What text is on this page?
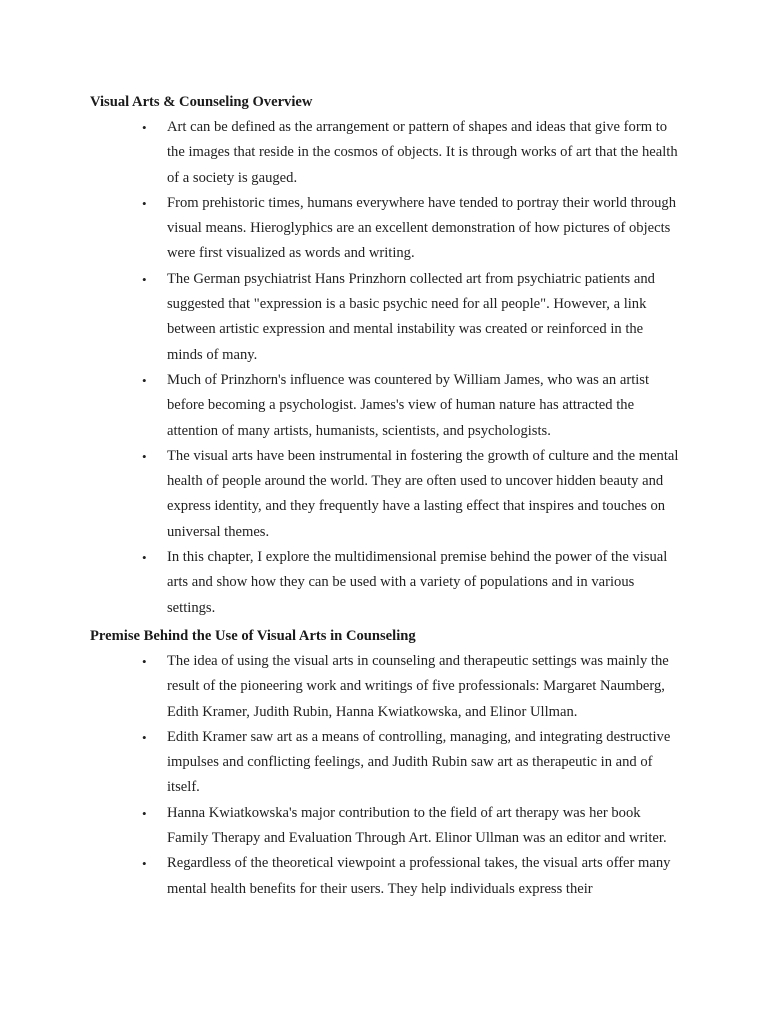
Visual Arts & Counseling Overview
• Art can be defined as the arrangement or pattern of shapes and ideas that give form to the images that reside in the cosmos of objects. It is through works of art that the health of a society is gauged.
• From prehistoric times, humans everywhere have tended to portray their world through visual means. Hieroglyphics are an excellent demonstration of how pictures of objects were first visualized as words and writing.
• The German psychiatrist Hans Prinzhorn collected art from psychiatric patients and suggested that "expression is a basic psychic need for all people". However, a link between artistic expression and mental instability was created or reinforced in the minds of many.
• Much of Prinzhorn's influence was countered by William James, who was an artist before becoming a psychologist. James's view of human nature has attracted the attention of many artists, humanists, scientists, and psychologists.
• The visual arts have been instrumental in fostering the growth of culture and the mental health of people around the world. They are often used to uncover hidden beauty and express identity, and they frequently have a lasting effect that inspires and touches on universal themes.
• In this chapter, I explore the multidimensional premise behind the power of the visual arts and show how they can be used with a variety of populations and in various settings.
Premise Behind the Use of Visual Arts in Counseling
• The idea of using the visual arts in counseling and therapeutic settings was mainly the result of the pioneering work and writings of five professionals: Margaret Naumberg, Edith Kramer, Judith Rubin, Hanna Kwiatkowska, and Elinor Ullman.
• Edith Kramer saw art as a means of controlling, managing, and integrating destructive impulses and conflicting feelings, and Judith Rubin saw art as therapeutic in and of itself.
• Hanna Kwiatkowska's major contribution to the field of art therapy was her book Family Therapy and Evaluation Through Art. Elinor Ullman was an editor and writer.
• Regardless of the theoretical viewpoint a professional takes, the visual arts offer many mental health benefits for their users. They help individuals express their
